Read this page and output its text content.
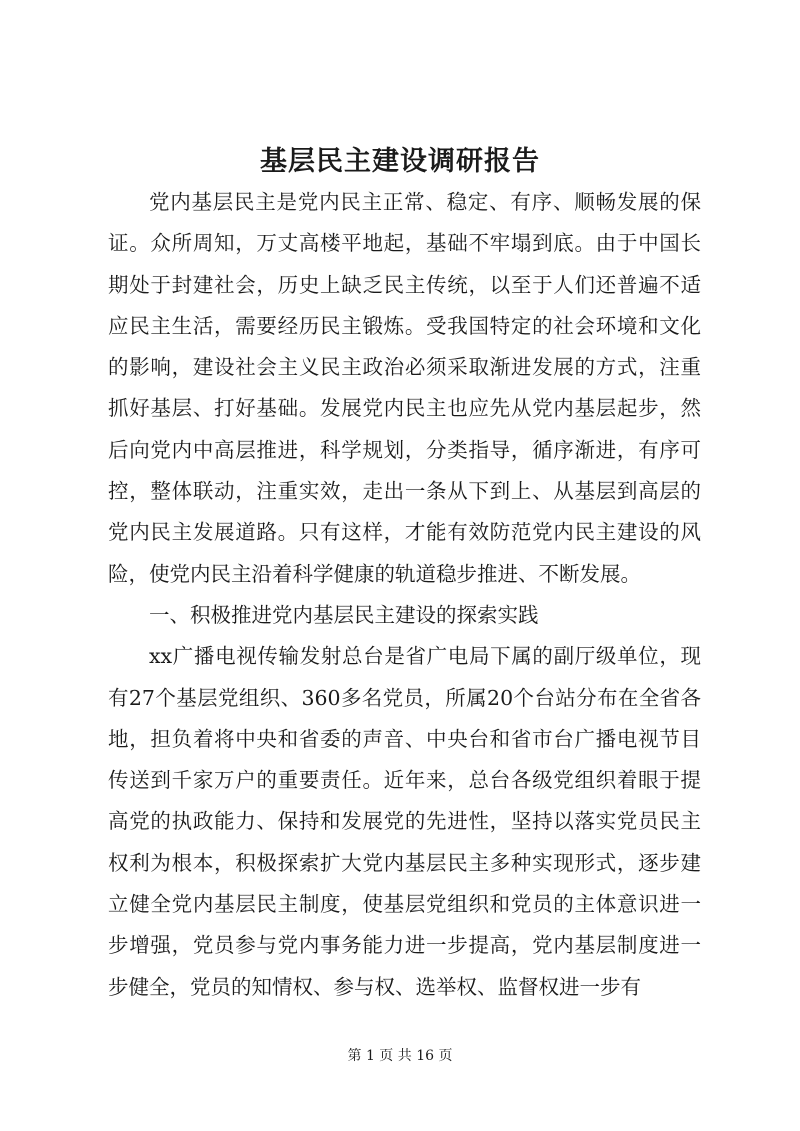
基层民主建设调研报告

党内基层民主是党内民主正常、稳定、有序、顺畅发展的保证。众所周知，万丈高楼平地起，基础不牢塌到底。由于中国长期处于封建社会，历史上缺乏民主传统，以至于人们还普遍不适应民主生活，需要经历民主锻炼。受我国特定的社会环境和文化的影响，建设社会主义民主政治必须采取渐进发展的方式，注重抓好基层、打好基础。发展党内民主也应先从党内基层起步，然后向党内中高层推进，科学规划，分类指导，循序渐进，有序可控，整体联动，注重实效，走出一条从下到上、从基层到高层的党内民主发展道路。只有这样，才能有效防范党内民主建设的风险，使党内民主沿着科学健康的轨道稳步推进、不断发展。

一、积极推进党内基层民主建设的探索实践

xx广播电视传输发射总台是省广电局下属的副厅级单位，现有27个基层党组织、360多名党员，所属20个台站分布在全省各地，担负着将中央和省委的声音、中央台和省市台广播电视节目传送到千家万户的重要责任。近年来，总台各级党组织着眼于提高党的执政能力、保持和发展党的先进性，坚持以落实党员民主权利为根本，积极探索扩大党内基层民主多种实现形式，逐步建立健全党内基层民主制度，使基层党组织和党员的主体意识进一步增强，党员参与党内事务能力进一步提高，党内基层制度进一步健全，党员的知情权、参与权、选举权、监督权进一步有

第 1 页 共 16 页
